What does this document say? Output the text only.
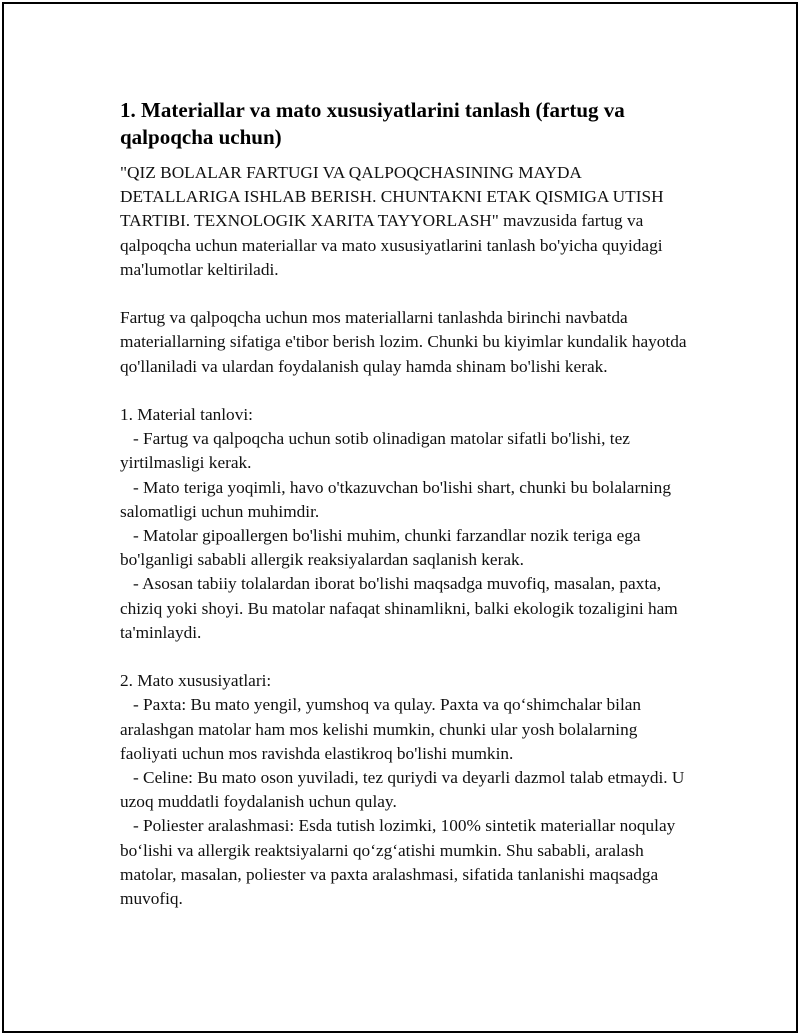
1. Materiallar va mato xususiyatlarini tanlash (fartug va qalpoqcha uchun)

"QIZ BOLALAR FARTUGI VA QALPOQCHASINING MAYDA DETALLARIGA ISHLAB BERISH. CHUNTAKNI ETAK QISMIGA UTISH TARTIBI. TEXNOLOGIK XARITA TAYYORLASH" mavzusida fartug va qalpoqcha uchun materiallar va mato xususiyatlarini tanlash bo'yicha quyidagi ma'lumotlar keltiriladi.

Fartug va qalpoqcha uchun mos materiallarni tanlashda birinchi navbatda materiallarning sifatiga e'tibor berish lozim. Chunki bu kiyimlar kundalik hayotda qo'llaniladi va ulardan foydalanish qulay hamda shinam bo'lishi kerak.

1. Material tanlovi:
- Fartug va qalpoqcha uchun sotib olinadigan matolar sifatli bo'lishi, tez yirtilmasligi kerak.
- Mato teriga yoqimli, havo o'tkazuvchan bo'lishi shart, chunki bu bolalarning salomatligi uchun muhimdir.
- Matolar gipoallergen bo'lishi muhim, chunki farzandlar nozik teriga ega bo'lganligi sababli allergik reaksiyalardan saqlanish kerak.
- Asosan tabiiy tolalardan iborat bo'lishi maqsadga muvofiq, masalan, paxta, chiziq yoki shoyi. Bu matolar nafaqat shinamlikni, balki ekologik tozaligini ham ta'minlaydi.

2. Mato xususiyatlari:
- Paxta: Bu mato yengil, yumshoq va qulay. Paxta va qo‘shimchalar bilan aralashgan matolar ham mos kelishi mumkin, chunki ular yosh bolalarning faoliyati uchun mos ravishda elastikroq bo'lishi mumkin.
- Celine: Bu mato oson yuviladi, tez quriydi va deyarli dazmol talab etmaydi. U uzoq muddatli foydalanish uchun qulay.
- Poliester aralashmasi: Esda tutish lozimki, 100% sintetik materiallar noqulay bo‘lishi va allergik reaktsiyalarni qo‘zg‘atishi mumkin. Shu sababli, aralash matolar, masalan, poliester va paxta aralashmasi, sifatida tanlanishi maqsadga muvofiq.
